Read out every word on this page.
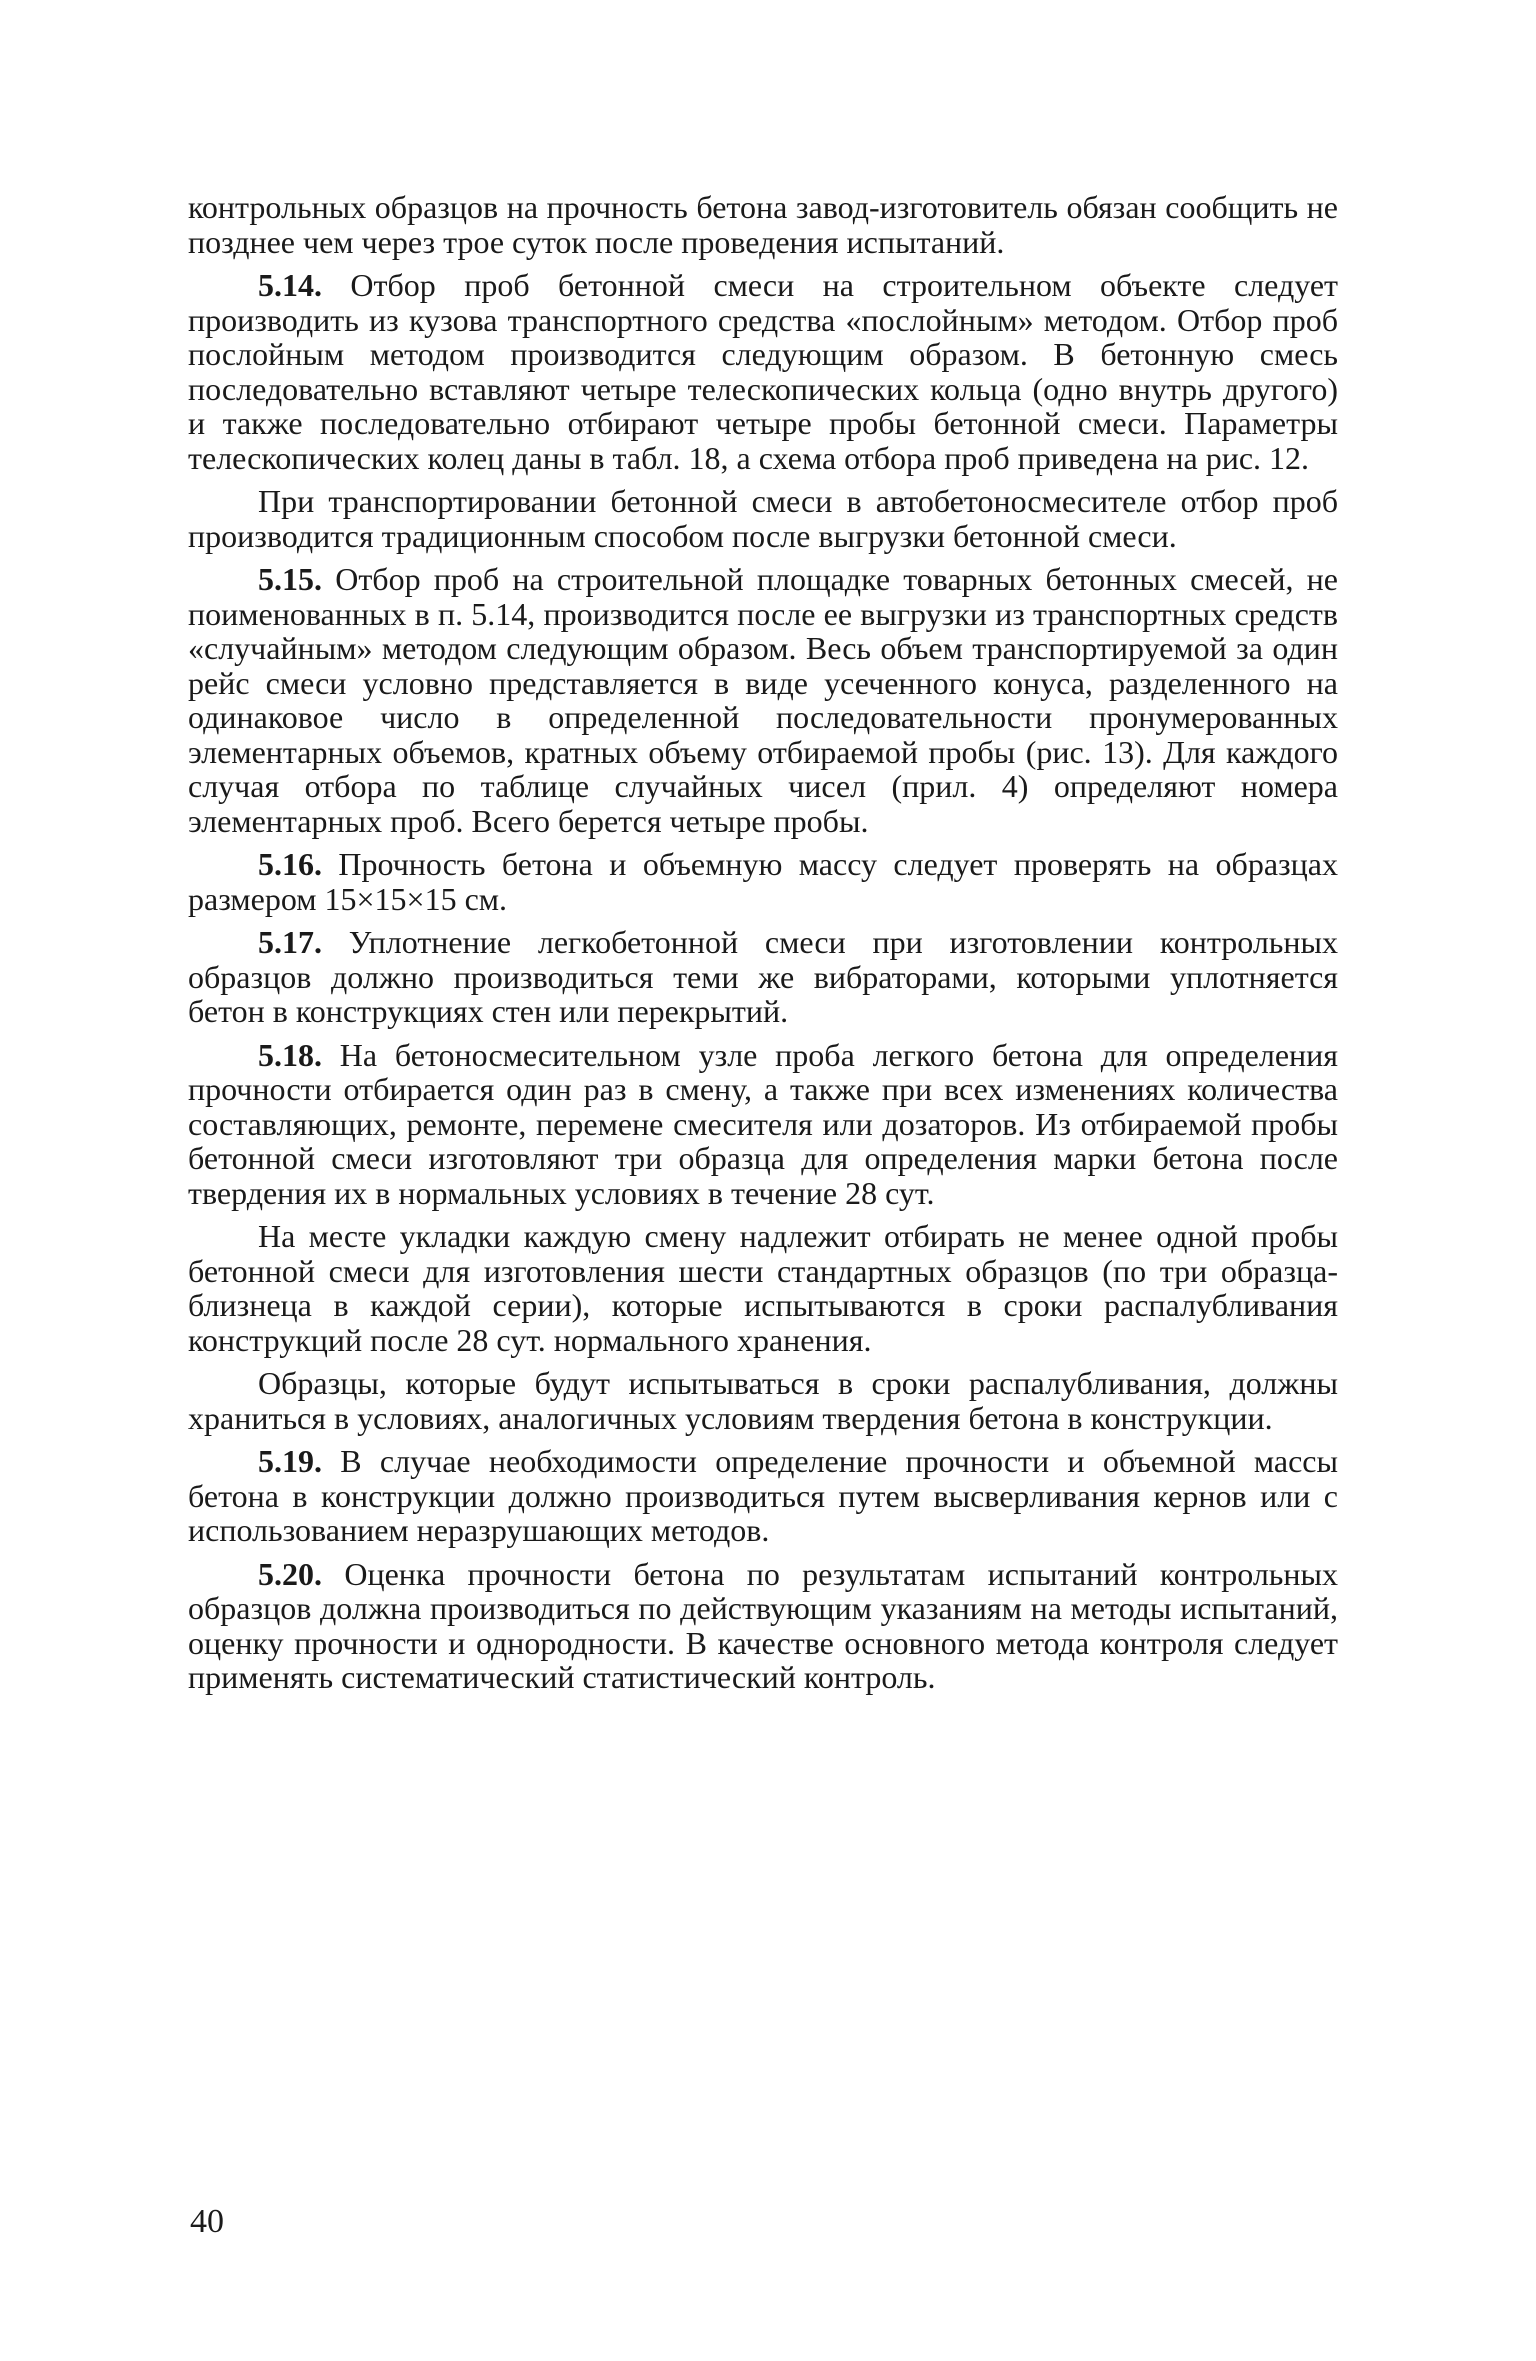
контрольных образцов на прочность бетона завод-изготовитель обязан сообщить не позднее чем через трое суток после проведения испытаний.

5.14. Отбор проб бетонной смеси на строительном объекте следует производить из кузова транспортного средства «послойным» методом. Отбор проб послойным методом производится следующим образом. В бетонную смесь последовательно вставляют четыре телескопических кольца (одно внутрь другого) и также последовательно отбирают четыре пробы бетонной смеси. Параметры телескопических колец даны в табл. 18, а схема отбора проб приведена на рис. 12.

При транспортировании бетонной смеси в автобетоносмесителе отбор проб производится традиционным способом после выгрузки бетонной смеси.

5.15. Отбор проб на строительной площадке товарных бетонных смесей, не поименованных в п. 5.14, производится после ее выгрузки из транспортных средств «случайным» методом следующим образом. Весь объем транспортируемой за один рейс смеси условно представляется в виде усеченного конуса, разделенного на одинаковое число в определенной последовательности пронумерованных элементарных объемов, кратных объему отбираемой пробы (рис. 13). Для каждого случая отбора по таблице случайных чисел (прил. 4) определяют номера элементарных проб. Всего берется четыре пробы.

5.16. Прочность бетона и объемную массу следует проверять на образцах размером 15×15×15 см.

5.17. Уплотнение легкобетонной смеси при изготовлении контрольных образцов должно производиться теми же вибраторами, которыми уплотняется бетон в конструкциях стен или перекрытий.

5.18. На бетоносмесительном узле проба легкого бетона для определения прочности отбирается один раз в смену, а также при всех изменениях количества составляющих, ремонте, перемене смесителя или дозаторов. Из отбираемой пробы бетонной смеси изготовляют три образца для определения марки бетона после твердения их в нормальных условиях в течение 28 сут.

На месте укладки каждую смену надлежит отбирать не менее одной пробы бетонной смеси для изготовления шести стандартных образцов (по три образца-близнеца в каждой серии), которые испытываются в сроки распалубливания конструкций после 28 сут. нормального хранения.

Образцы, которые будут испытываться в сроки распалубливания, должны храниться в условиях, аналогичных условиям твердения бетона в конструкции.

5.19. В случае необходимости определение прочности и объемной массы бетона в конструкции должно производиться путем высверливания кернов или с использованием неразрушающих методов.

5.20. Оценка прочности бетона по результатам испытаний контрольных образцов должна производиться по действующим указаниям на методы испытаний, оценку прочности и однородности. В качестве основного метода контроля следует применять систематический статистический контроль.

40
